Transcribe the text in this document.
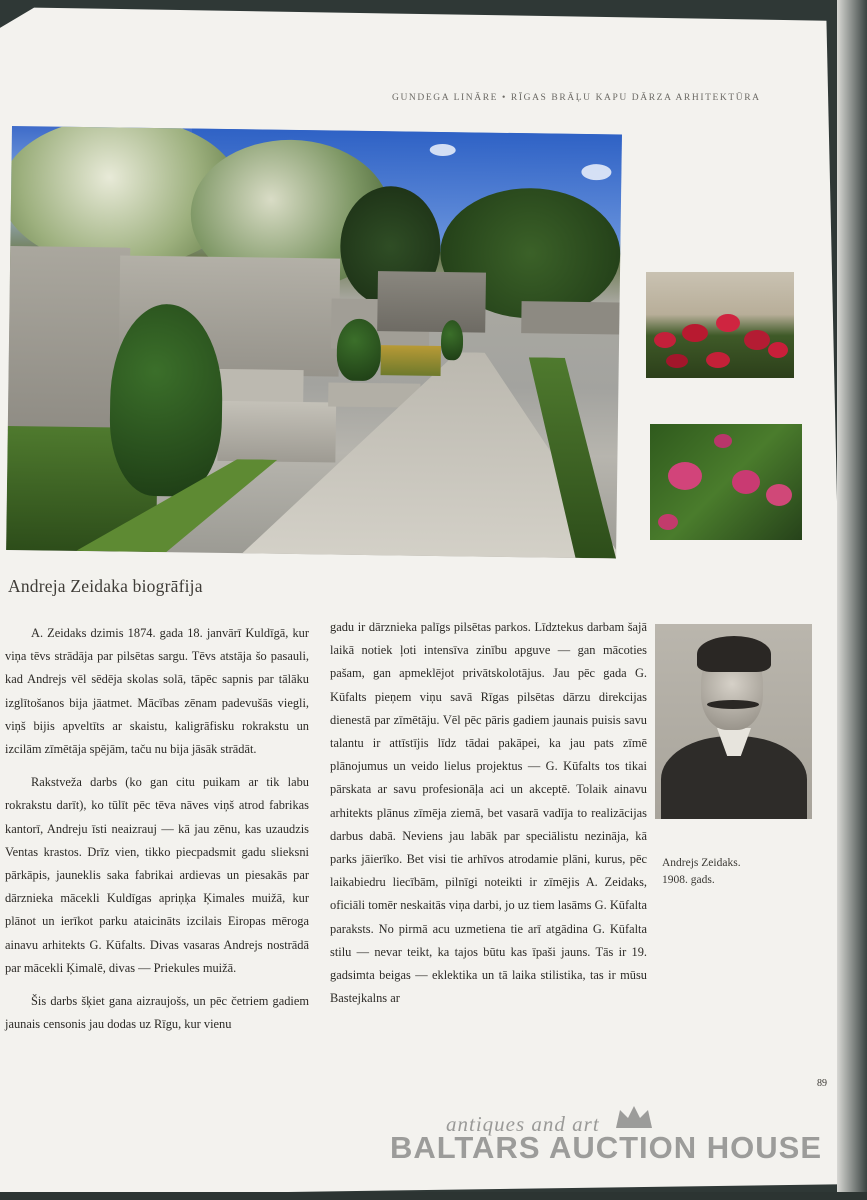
GUNDEGA LINĀRE • RĪGAS BRĀĻU KAPU DĀRZA ARHITEKTŪRA
Andreja Zeidaka biogrāfija

A. Zeidaks dzimis 1874. gada 18. janvārī Kuldīgā, kur viņa tēvs strādāja par pilsētas sargu. Tēvs atstāja šo pasauli, kad Andrejs vēl sēdēja skolas solā, tāpēc sapnis par tālāku izglītošanos bija jāatmet. Mācības zēnam padevušās viegli, viņš bijis apveltīts ar skaistu, kaligrāfisku rokrakstu un izcilām zīmētāja spējām, taču nu bija jāsāk strādāt.

Rakstveža darbs (ko gan citu puikam ar tik labu rokrakstu darīt), ko tūlīt pēc tēva nāves viņš atrod fabrikas kantorī, Andreju īsti neaizrauj — kā jau zēnu, kas uzaudzis Ventas krastos. Drīz vien, tikko piecpadsmit gadu slieksni pārkāpis, jauneklis saka fabrikai ardievas un piesakās par dārznieka mācekli Kuldīgas apriņķa Ķimales muižā, kur plānot un ierīkot parku ataicināts izcilais Eiropas mēroga ainavu arhitekts G. Kūfalts. Divas vasaras Andrejs nostrādā par mācekli Ķimalē, divas — Priekules muižā.

Šis darbs šķiet gana aizraujošs, un pēc četriem gadiem jaunais censonis jau dodas uz Rīgu, kur vienu

gadu ir dārznieka palīgs pilsētas parkos. Līdztekus darbam šajā laikā notiek ļoti intensīva zinību apguve — gan mācoties pašam, gan apmeklējot privātskolotājus. Jau pēc gada G. Kūfalts pieņem viņu savā Rīgas pilsētas dārzu direkcijas dienestā par zīmētāju. Vēl pēc pāris gadiem jaunais puisis savu talantu ir attīstījis līdz tādai pakāpei, ka jau pats zīmē plānojumus un veido lielus projektus — G. Kūfalts tos tikai pārskata ar savu profesionāļa aci un akceptē. Tolaik ainavu arhitekts plānus zīmēja ziemā, bet vasarā vadīja to realizācijas darbus dabā. Neviens jau labāk par speciālistu nezināja, kā parks jāierīko. Bet visi tie arhīvos atrodamie plāni, kurus, pēc laikabiedru liecībām, pilnīgi noteikti ir zīmējis A. Zeidaks, oficiāli tomēr neskaitās viņa darbi, jo uz tiem lasāms G. Kūfalta paraksts. No pirmā acu uzmetiena tie arī atgādina G. Kūfalta stilu — nevar teikt, ka tajos būtu kas īpaši jauns. Tās ir 19. gadsimta beigas — eklektika un tā laika stilistika, tas ir mūsu Bastejkalns ar

Andrejs Zeidaks.
1908. gads.
89
antiques and art
BALTARS AUCTION HOUSE
